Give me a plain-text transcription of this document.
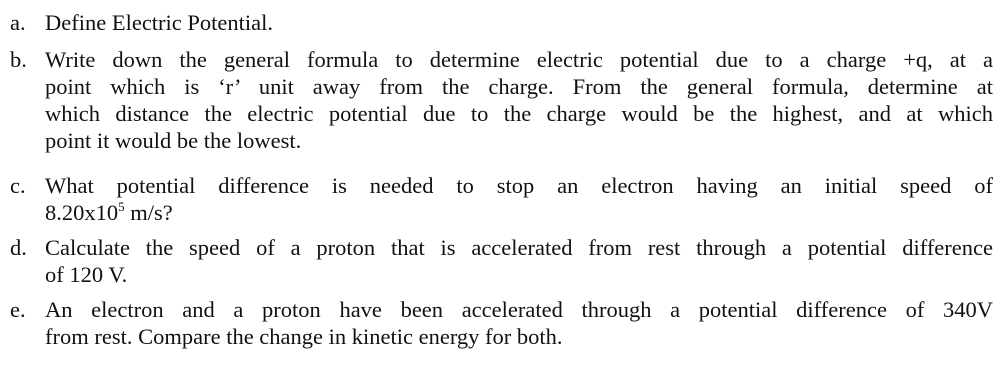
a. Define Electric Potential.
b. Write down the general formula to determine electric potential due to a charge +q, at a
point which is ‘r’ unit away from the charge. From the general formula, determine at
which distance the electric potential due to the charge would be the highest, and at which
point it would be the lowest.
c. What potential difference is needed to stop an electron having an initial speed of
$8.20x10^5$ m/s?
d. Calculate the speed of a proton that is accelerated from rest through a potential difference
of 120 V.
e. An electron and a proton have been accelerated through a potential difference of 340V
from rest. Compare the change in kinetic energy for both.
